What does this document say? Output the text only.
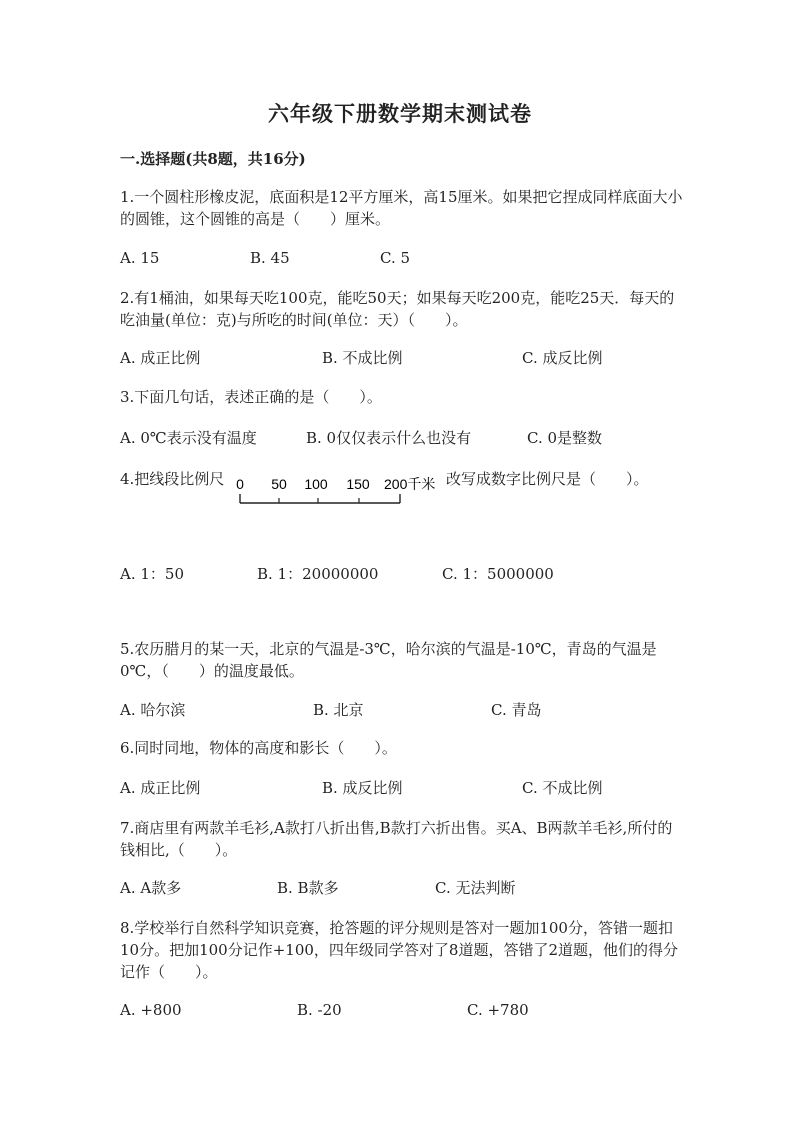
六年级下册数学期末测试卷
一.选择题(共8题，共16分)

1.一个圆柱形橡皮泥，底面积是12平方厘米，高15厘米。如果把它捏成同样底面大小的圆锥，这个圆锥的高是（　　）厘米。

A. 15	B. 45	C. 5

2.有1桶油，如果每天吃100克，能吃50天；如果每天吃200克，能吃25天．每天的吃油量(单位：克)与所吃的时间(单位：天）（　　）。

A. 成正比例	B. 不成比例	C. 成反比例

3.下面几句话，表述正确的是（　　）。

A. 0℃表示没有温度	B. 0仅仅表示什么也没有	C. 0是整数
4.把线段比例尺 0 50 100 150 200千米 改写成数字比例尺是（　　）。
A. 1：50	B. 1：20000000	C. 1：5000000

5.农历腊月的某一天，北京的气温是-3℃，哈尔滨的气温是-10℃，青岛的气温是0℃，（　　）的温度最低。

A. 哈尔滨	B. 北京	C. 青岛

6.同时同地，物体的高度和影长（　　）。

A. 成正比例	B. 成反比例	C. 不成比例

7.商店里有两款羊毛衫,A款打八折出售,B款打六折出售。买A、B两款羊毛衫,所付的钱相比,（　　）。

A. A款多	B. B款多	C. 无法判断

8.学校举行自然科学知识竞赛，抢答题的评分规则是答对一题加100分，答错一题扣10分。把加100分记作+100，四年级同学答对了8道题，答错了2道题，他们的得分记作（　　）。

A. +800	B. -20	C. +780
